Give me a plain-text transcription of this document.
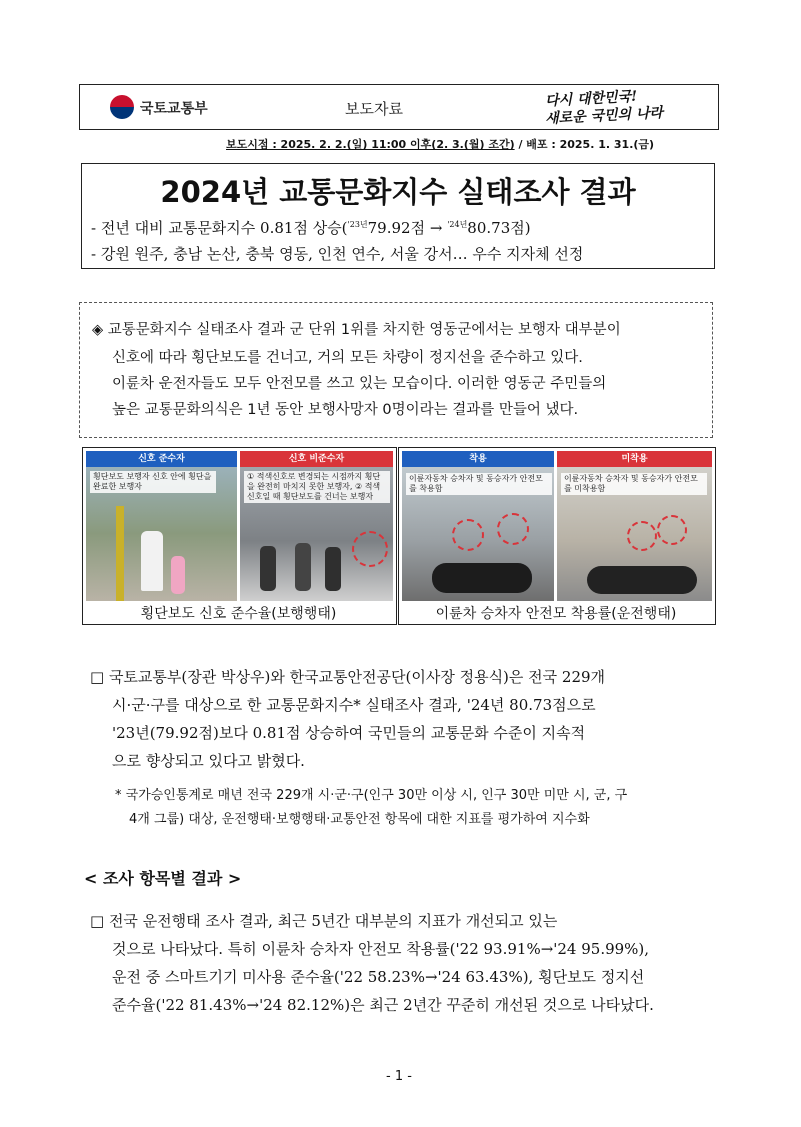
국토교통부	보도자료	다시 대한민국!
새로운 국민의 나라
보도시점 : 2025. 2. 2.(일) 11:00 이후(2. 3.(월) 조간) / 배포 : 2025. 1. 31.(금)
2024년 교통문화지수 실태조사 결과
- 전년 대비 교통문화지수 0.81점 상승($^{'23년}$79.92점 → $^{'24년}$80.73점)
- 강원 원주, 충남 논산, 충북 영동, 인천 연수, 서울 강서… 우수 지자체 선정
◈ 교통문화지수 실태조사 결과 군 단위 1위를 차지한 영동군에서는 보행자 대부분이
신호에 따라 횡단보도를 건너고, 거의 모든 차량이 정지선을 준수하고 있다.
이륜차 운전자들도 모두 안전모를 쓰고 있는 모습이다. 이러한 영동군 주민들의
높은 교통문화의식은 1년 동안 보행사망자 0명이라는 결과를 만들어 냈다.
신호 준수자
횡단보도 보행자 신호 안에 횡단을 완료한 보행자
신호 비준수자
① 적색신호로 변경되는 시점까지 횡단을 완전히 마치지 못한 보행자, ② 적색 신호일 때 횡단보도를 건너는 보행자
횡단보도 신호 준수율(보행행태)
착용
이륜자동차 승차자 및 동승자가 안전모를 착용함
미착용
이륜자동차 승차자 및 동승자가 안전모를 미착용함
이륜차 승차자 안전모 착용률(운전행태)
□ 국토교통부(장관 박상우)와 한국교통안전공단(이사장 정용식)은 전국 229개
시·군·구를 대상으로 한 교통문화지수* 실태조사 결과, '24년 80.73점으로
'23년(79.92점)보다 0.81점 상승하여 국민들의 교통문화 수준이 지속적
으로 향상되고 있다고 밝혔다.
* 국가승인통계로 매년 전국 229개 시·군·구(인구 30만 이상 시, 인구 30만 미만 시, 군, 구
4개 그룹) 대상, 운전행태·보행행태·교통안전 항목에 대한 지표를 평가하여 지수화
< 조사 항목별 결과 >
□ 전국 운전행태 조사 결과, 최근 5년간 대부분의 지표가 개선되고 있는
것으로 나타났다. 특히 이륜차 승차자 안전모 착용률('22 93.91%→'24 95.99%),
운전 중 스마트기기 미사용 준수율('22 58.23%→'24 63.43%), 횡단보도 정지선
준수율('22 81.43%→'24 82.12%)은 최근 2년간 꾸준히 개선된 것으로 나타났다.
- 1 -
